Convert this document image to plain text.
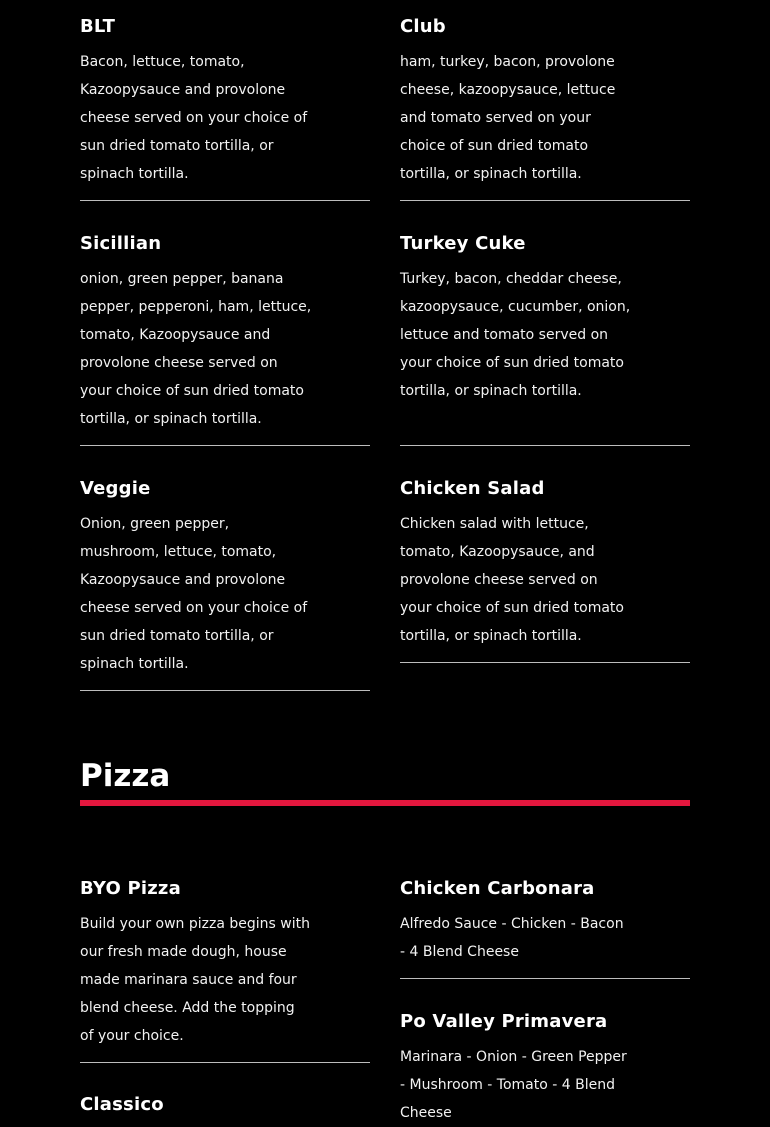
BLT

Bacon, lettuce, tomato, Kazoopysauce and provolone cheese served on your choice of sun dried tomato tortilla, or spinach tortilla.

Club

ham, turkey, bacon, provolone cheese, kazoopysauce, lettuce and tomato served on your choice of sun dried tomato tortilla, or spinach tortilla.

Sicillian

onion, green pepper, banana pepper, pepperoni, ham, lettuce, tomato, Kazoopysauce and provolone cheese served on your choice of sun dried tomato tortilla, or spinach tortilla.

Turkey Cuke

Turkey, bacon, cheddar cheese, kazoopysauce, cucumber, onion, lettuce and tomato served on your choice of sun dried tomato tortilla, or spinach tortilla.

Veggie

Onion, green pepper, mushroom, lettuce, tomato, Kazoopysauce and provolone cheese served on your choice of sun dried tomato tortilla, or spinach tortilla.

Chicken Salad

Chicken salad with lettuce, tomato, Kazoopysauce, and provolone cheese served on your choice of sun dried tomato tortilla, or spinach tortilla.

Pizza
BYO Pizza

Build your own pizza begins with our fresh made dough, house made marinara sauce and four blend cheese. Add the topping of your choice.

Chicken Carbonara

Alfredo Sauce - Chicken - Bacon - 4 Blend Cheese

Po Valley Primavera

Marinara - Onion - Green Pepper - Mushroom - Tomato - 4 Blend Cheese

Classico
